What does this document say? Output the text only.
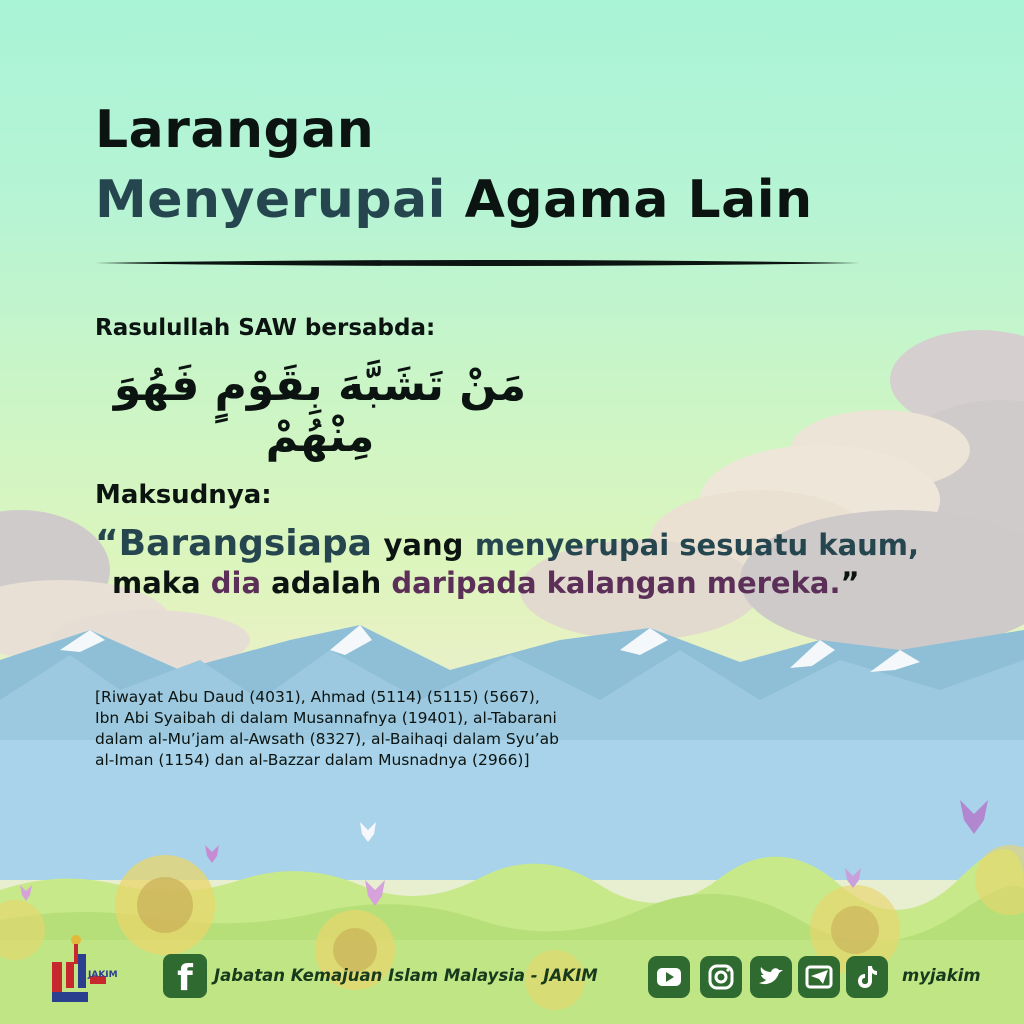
Larangan
Menyerupai Agama Lain
Rasulullah SAW bersabda:
مَنْ تَشَبَّهَ بِقَوْمٍ فَهُوَ مِنْهُمْ
Maksudnya:
“Barangsiapa yang menyerupai sesuatu kaum,
maka dia adalah daripada kalangan mereka.”
[Riwayat Abu Daud (4031), Ahmad (5114) (5115) (5667),
Ibn Abi Syaibah di dalam Musannafnya (19401), al-Tabarani
dalam al-Mu’jam al-Awsath (8327), al-Baihaqi dalam Syu’ab
al-Iman (1154) dan al-Bazzar dalam Musnadnya (2966)]
JAKIM	f	Jabatan Kemajuan Islam Malaysia - JAKIM	myjakim
